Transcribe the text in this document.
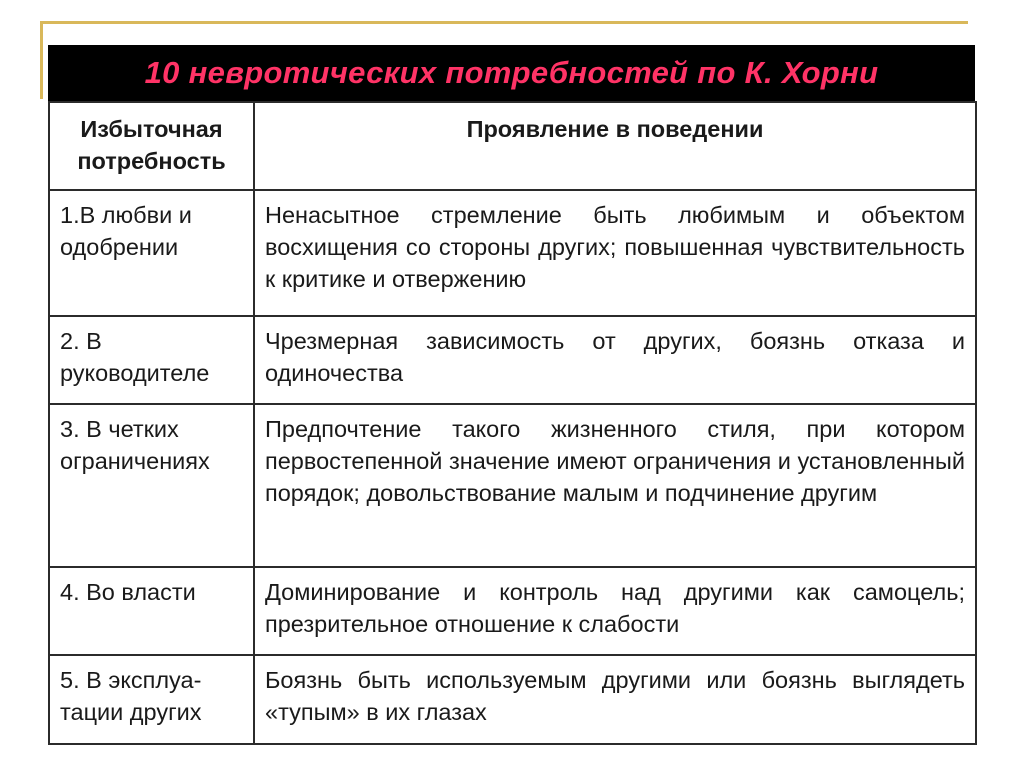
10 невротических потребностей по К. Хорни
Избыточная потребность	Проявление в поведении
1.В любви и одобрении	Ненасытное стремление быть любимым и объектом восхищения со стороны других; повышенная чувствительность к критике и отвержению
2. В руководителе	Чрезмерная зависимость от других, боязнь отказа и одиночества
3. В четких ограничениях	Предпочтение такого жизненного стиля, при котором первостепенной значение имеют ограничения и установленный порядок; довольствование малым и подчинение другим
4. Во власти	Доминирование и контроль над другими как самоцель; презрительное отношение к слабости
5. В эксплуа-тации других	Боязнь быть используемым другими или боязнь выглядеть «тупым» в их глазах
